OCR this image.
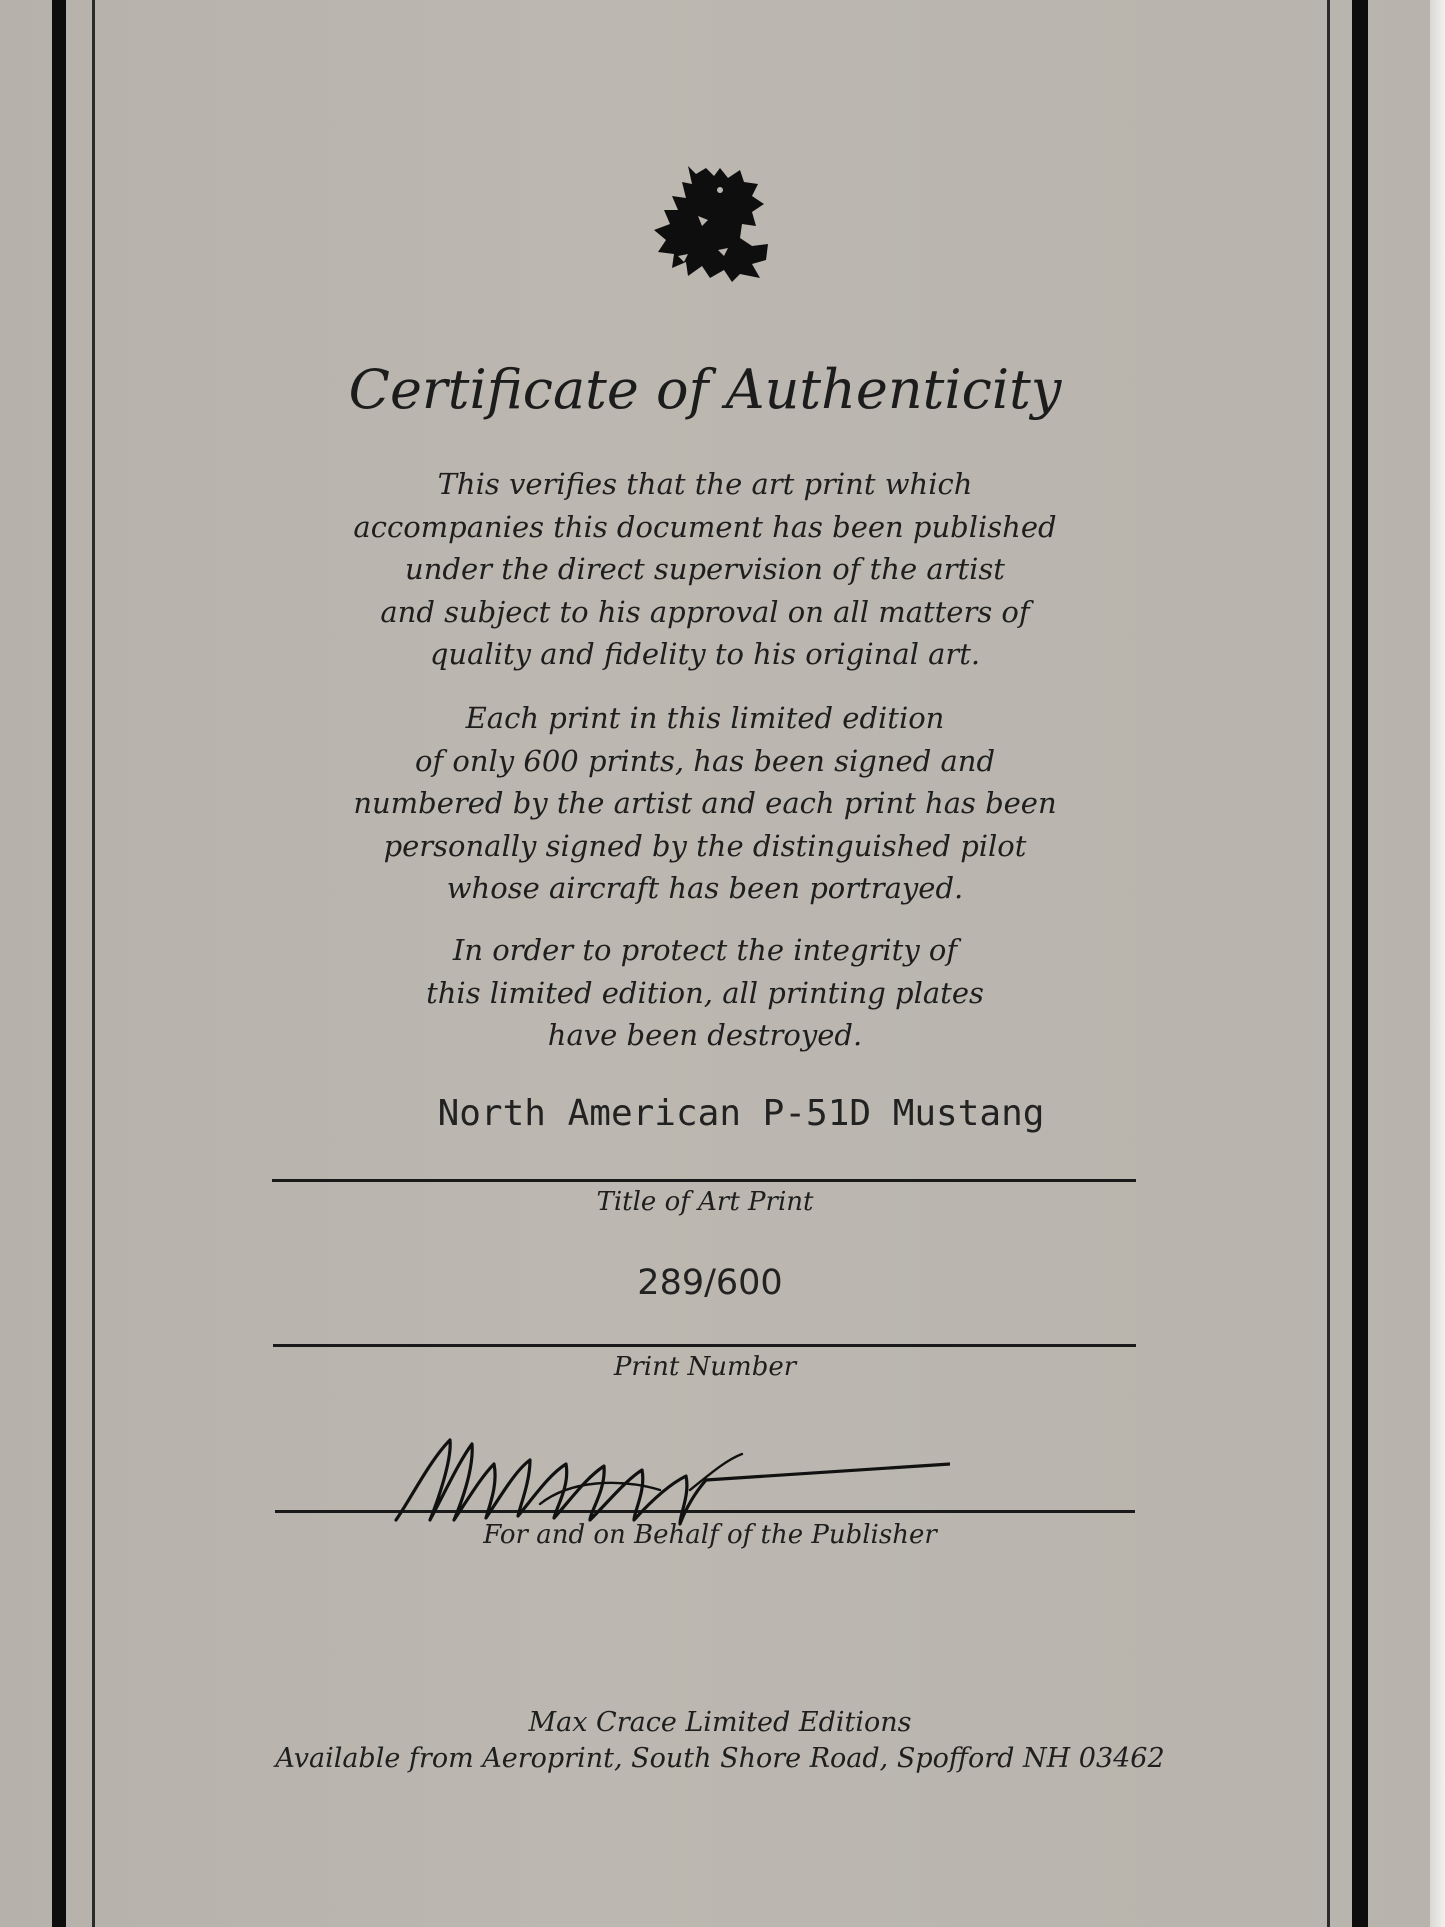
Certificate of Authenticity
This verifies that the art print which
accompanies this document has been published
under the direct supervision of the artist
and subject to his approval on all matters of
quality and fidelity to his original art.
Each print in this limited edition
of only 600 prints, has been signed and
numbered by the artist and each print has been
personally signed by the distinguished pilot
whose aircraft has been portrayed.
In order to protect the integrity of
this limited edition, all printing plates
have been destroyed.
North American P-51D Mustang
Title of Art Print
289/600
Print Number
For and on Behalf of the Publisher
Max Crace Limited Editions
Available from Aeroprint, South Shore Road, Spofford NH 03462
